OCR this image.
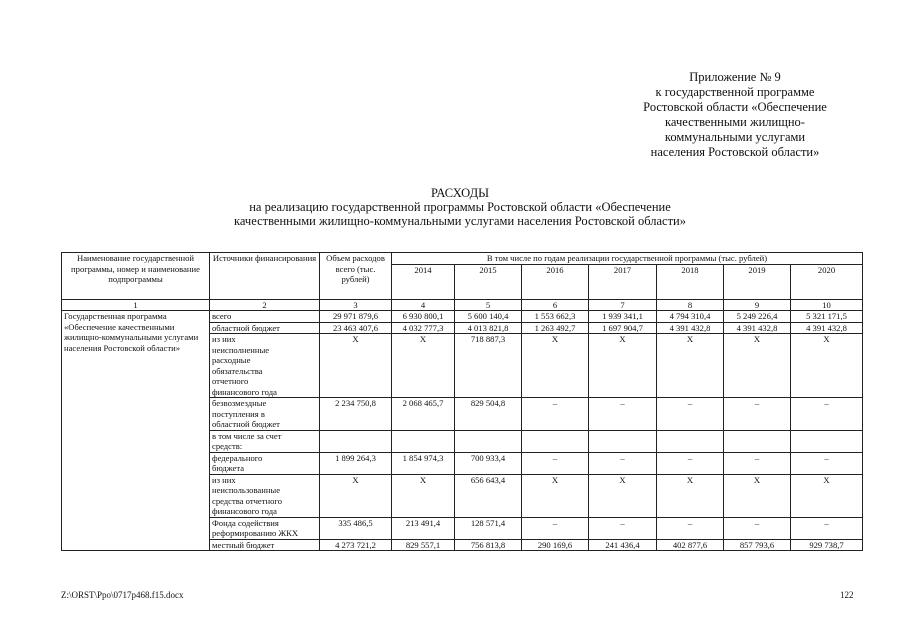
Приложение № 9
к государственной программе
Ростовской области «Обеспечение
качественными жилищно-
коммунальными услугами
населения Ростовской области»
РАСХОДЫ
на реализацию государственной программы Ростовской области «Обеспечение
качественными жилищно-коммунальными услугами населения Ростовской области»
Наименование государственной программы, номер и наименование подпрограммы	Источники финансирования	Объем расходов всего (тыс. рублей)	В том числе по годам реализации государственной программы (тыс. рублей)						
			2014	2015	2016	2017	2018	2019	2020
1	2	3	4	5	6	7	8	9	10
Государственная программа «Обеспечение качественными жилищно-коммунальными услугами населения Ростовской области»	всего	29 971 879,6	6 930 800,1	5 600 140,4	1 553 662,3	1 939 341,1	4 794 310,4	5 249 226,4	5 321 171,5
	областной бюджет	23 463 407,6	4 032 777,3	4 013 821,8	1 263 492,7	1 697 904,7	4 391 432,8	4 391 432,8	4 391 432,8
	из них неисполненные расходные обязательства отчетного финансового года	X	X	718 887,3	X	X	X	X	X
	безвозмездные поступления в областной бюджет	2 234 750,8	2 068 465,7	829 504,8	–	–	–	–	–
	в том числе за счет средств:								
	федерального бюджета	1 899 264,3	1 854 974,3	700 933,4	–	–	–	–	–
	из них неиспользованные средства отчетного финансового года	X	X	656 643,4	X	X	X	X	X
	Фонда содействия реформированию ЖКХ	335 486,5	213 491,4	128 571,4	–	–	–	–	–
	местный бюджет	4 273 721,2	829 557,1	756 813,8	290 169,6	241 436,4	402 877,6	857 793,6	929 738,7
Z:\ORST\Ppo\0717p468.f15.docx	122
